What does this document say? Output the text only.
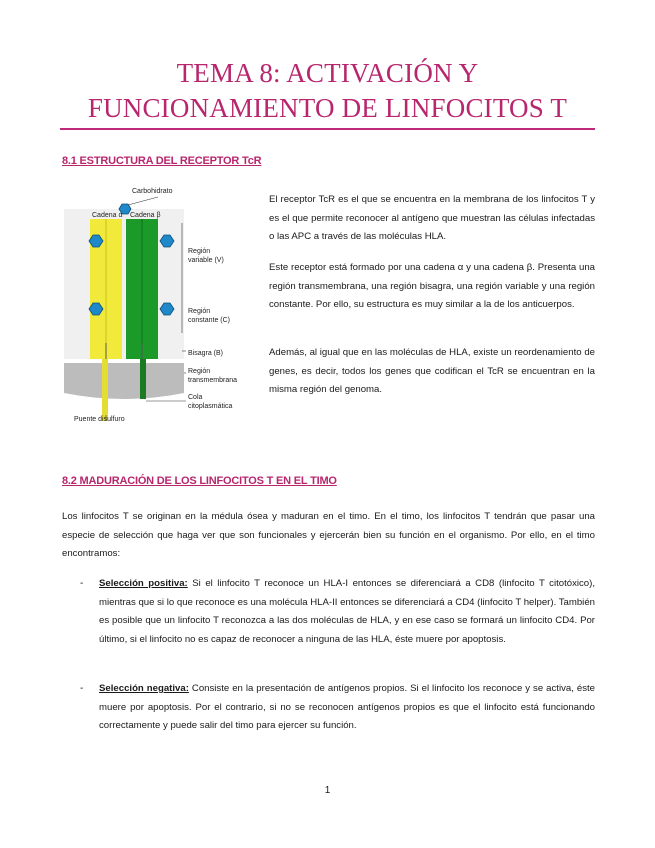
TEMA 8: ACTIVACIÓN Y
FUNCIONAMIENTO DE LINFOCITOS T
8.1 ESTRUCTURA DEL RECEPTOR TcR
Carbohidrato
Cadena α Cadena β
Región
variable (V)
Región
constante (C)
Bisagra (B)
Región
transmembrana
Cola
citoplasmática
Puente disulfuro

El receptor TcR es el que se encuentra en la membrana de los linfocitos T y es el que permite reconocer al antígeno que muestran las células infectadas o las APC a través de las moléculas HLA.

Este receptor está formado por una cadena α y una cadena β. Presenta una región transmembrana, una región bisagra, una región variable y una región constante. Por ello, su estructura es muy similar a la de los anticuerpos.

Además, al igual que en las moléculas de HLA, existe un reordenamiento de genes, es decir, todos los genes que codifican el TcR se encuentran en la misma región del genoma.

8.2 MADURACIÓN DE LOS LINFOCITOS T EN EL TIMO

Los linfocitos T se originan en la médula ósea y maduran en el timo. En el timo, los linfocitos T tendrán que pasar una especie de selección que haga ver que son funcionales y ejercerán bien su función en el organismo. Por ello, en el timo encontramos:

- Selección positiva: Si el linfocito T reconoce un HLA-I entonces se diferenciará a CD8 (linfocito T citotóxico), mientras que si lo que reconoce es una molécula HLA-II entonces se diferenciará a CD4 (linfocito T helper). También es posible que un linfocito T reconozca a las dos moléculas de HLA, y en ese caso se formará un linfocito CD4. Por último, si el linfocito no es capaz de reconocer a ninguna de las HLA, éste muere por apoptosis.

- Selección negativa: Consiste en la presentación de antígenos propios. Si el linfocito los reconoce y se activa, éste muere por apoptosis. Por el contrario, si no se reconocen antígenos propios es que el linfocito está funcionando correctamente y puede salir del timo para ejercer su función.

1
